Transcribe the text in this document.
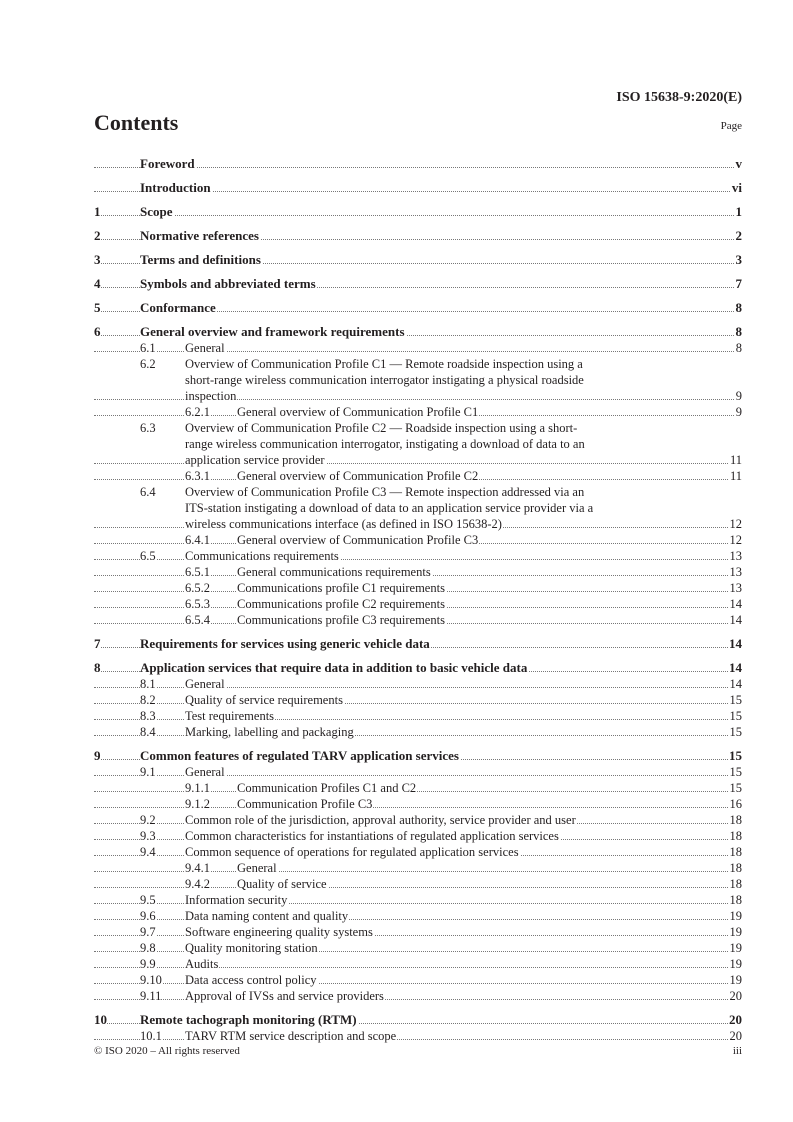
ISO 15638-9:2020(E)
Contents	Page
Foreword	v
Introduction	vi
1	Scope	1
2	Normative references	2
3	Terms and definitions	3
4	Symbols and abbreviated terms	7
5	Conformance	8
6	General overview and framework requirements	8
6.1 General	8
6.2 Overview of Communication Profile C1 — Remote roadside inspection using a
short-range wireless communication interrogator instigating a physical roadside
inspection	9
6.2.1 General overview of Communication Profile C1	9
6.3 Overview of Communication Profile C2 — Roadside inspection using a short-
range wireless communication interrogator, instigating a download of data to an
application service provider	11
6.3.1 General overview of Communication Profile C2	11
6.4 Overview of Communication Profile C3 — Remote inspection addressed via an
ITS-station instigating a download of data to an application service provider via a
wireless communications interface (as defined in ISO 15638-2)	12
6.4.1 General overview of Communication Profile C3	12
6.5 Communications requirements	13
6.5.1 General communications requirements	13
6.5.2 Communications profile C1 requirements	13
6.5.3 Communications profile C2 requirements	14
6.5.4 Communications profile C3 requirements	14
7	Requirements for services using generic vehicle data	14
8	Application services that require data in addition to basic vehicle data	14
8.1 General	14
8.2 Quality of service requirements	15
8.3 Test requirements	15
8.4 Marking, labelling and packaging	15
9	Common features of regulated TARV application services	15
9.1 General	15
9.1.1 Communication Profiles C1 and C2	15
9.1.2 Communication Profile C3	16
9.2 Common role of the jurisdiction, approval authority, service provider and user	18
9.3 Common characteristics for instantiations of regulated application services	18
9.4 Common sequence of operations for regulated application services	18
9.4.1 General	18
9.4.2 Quality of service	18
9.5 Information security	18
9.6 Data naming content and quality	19
9.7 Software engineering quality systems	19
9.8 Quality monitoring station	19
9.9 Audits	19
9.10 Data access control policy	19
9.11 Approval of IVSs and service providers	20
10	Remote tachograph monitoring (RTM)	20
10.1 TARV RTM service description and scope	20
© ISO 2020 – All rights reserved	iii
